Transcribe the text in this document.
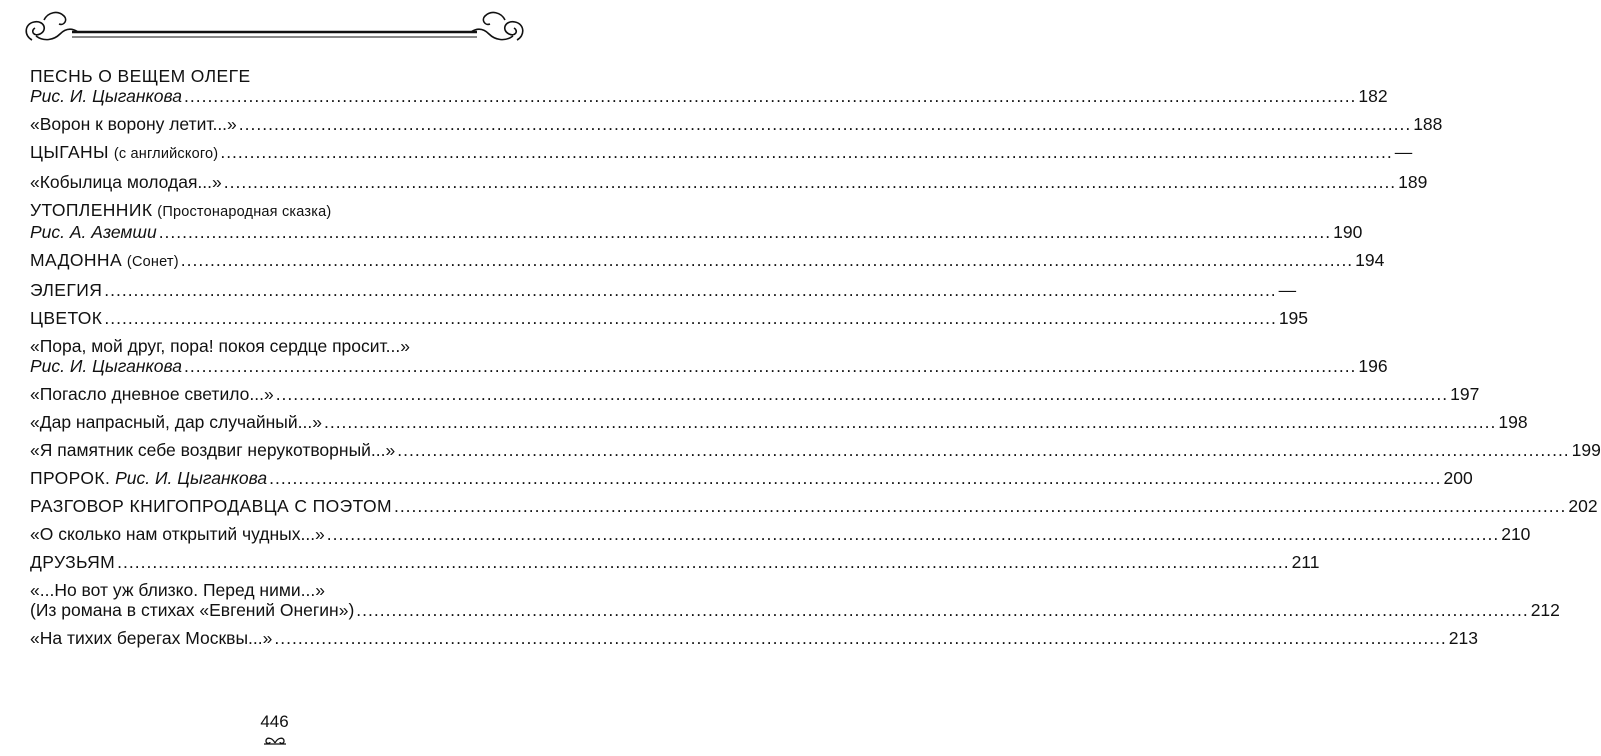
ПЕСНЬ О ВЕЩЕМ ОЛЕГЕ
Рис. И. Цыганкова ........................................................................................................................................................................................................ 182
«Ворон к ворону летит...» ........................................................................................................................................................................................................ 188
ЦЫГАНЫ (с английского) ........................................................................................................................................................................................................ —
«Кобылица молодая...» ........................................................................................................................................................................................................ 189
УТОПЛЕННИК (Простонародная сказка)
Рис. А. Аземши ........................................................................................................................................................................................................ 190
МАДОННА (Сонет) ........................................................................................................................................................................................................ 194
ЭЛЕГИЯ ........................................................................................................................................................................................................ —
ЦВЕТОК ........................................................................................................................................................................................................ 195
«Пора, мой друг, пора! покоя сердце просит...»
Рис. И. Цыганкова ........................................................................................................................................................................................................ 196
«Погасло дневное светило...» ........................................................................................................................................................................................................ 197
«Дар напрасный, дар случайный...» ........................................................................................................................................................................................................ 198
«Я памятник себе воздвиг нерукотворный...» ........................................................................................................................................................................................................ 199
ПРОРОК. Рис. И. Цыганкова ........................................................................................................................................................................................................ 200
РАЗГОВОР КНИГОПРОДАВЦА С ПОЭТОМ ........................................................................................................................................................................................................ 202
«О сколько нам открытий чудных...» ........................................................................................................................................................................................................ 210
ДРУЗЬЯМ ........................................................................................................................................................................................................ 211
«...Но вот уж близко. Перед ними...»
(Из романа в стихах «Евгений Онегин») ........................................................................................................................................................................................................ 212
«На тихих берегах Москвы...» ........................................................................................................................................................................................................ 213
446
